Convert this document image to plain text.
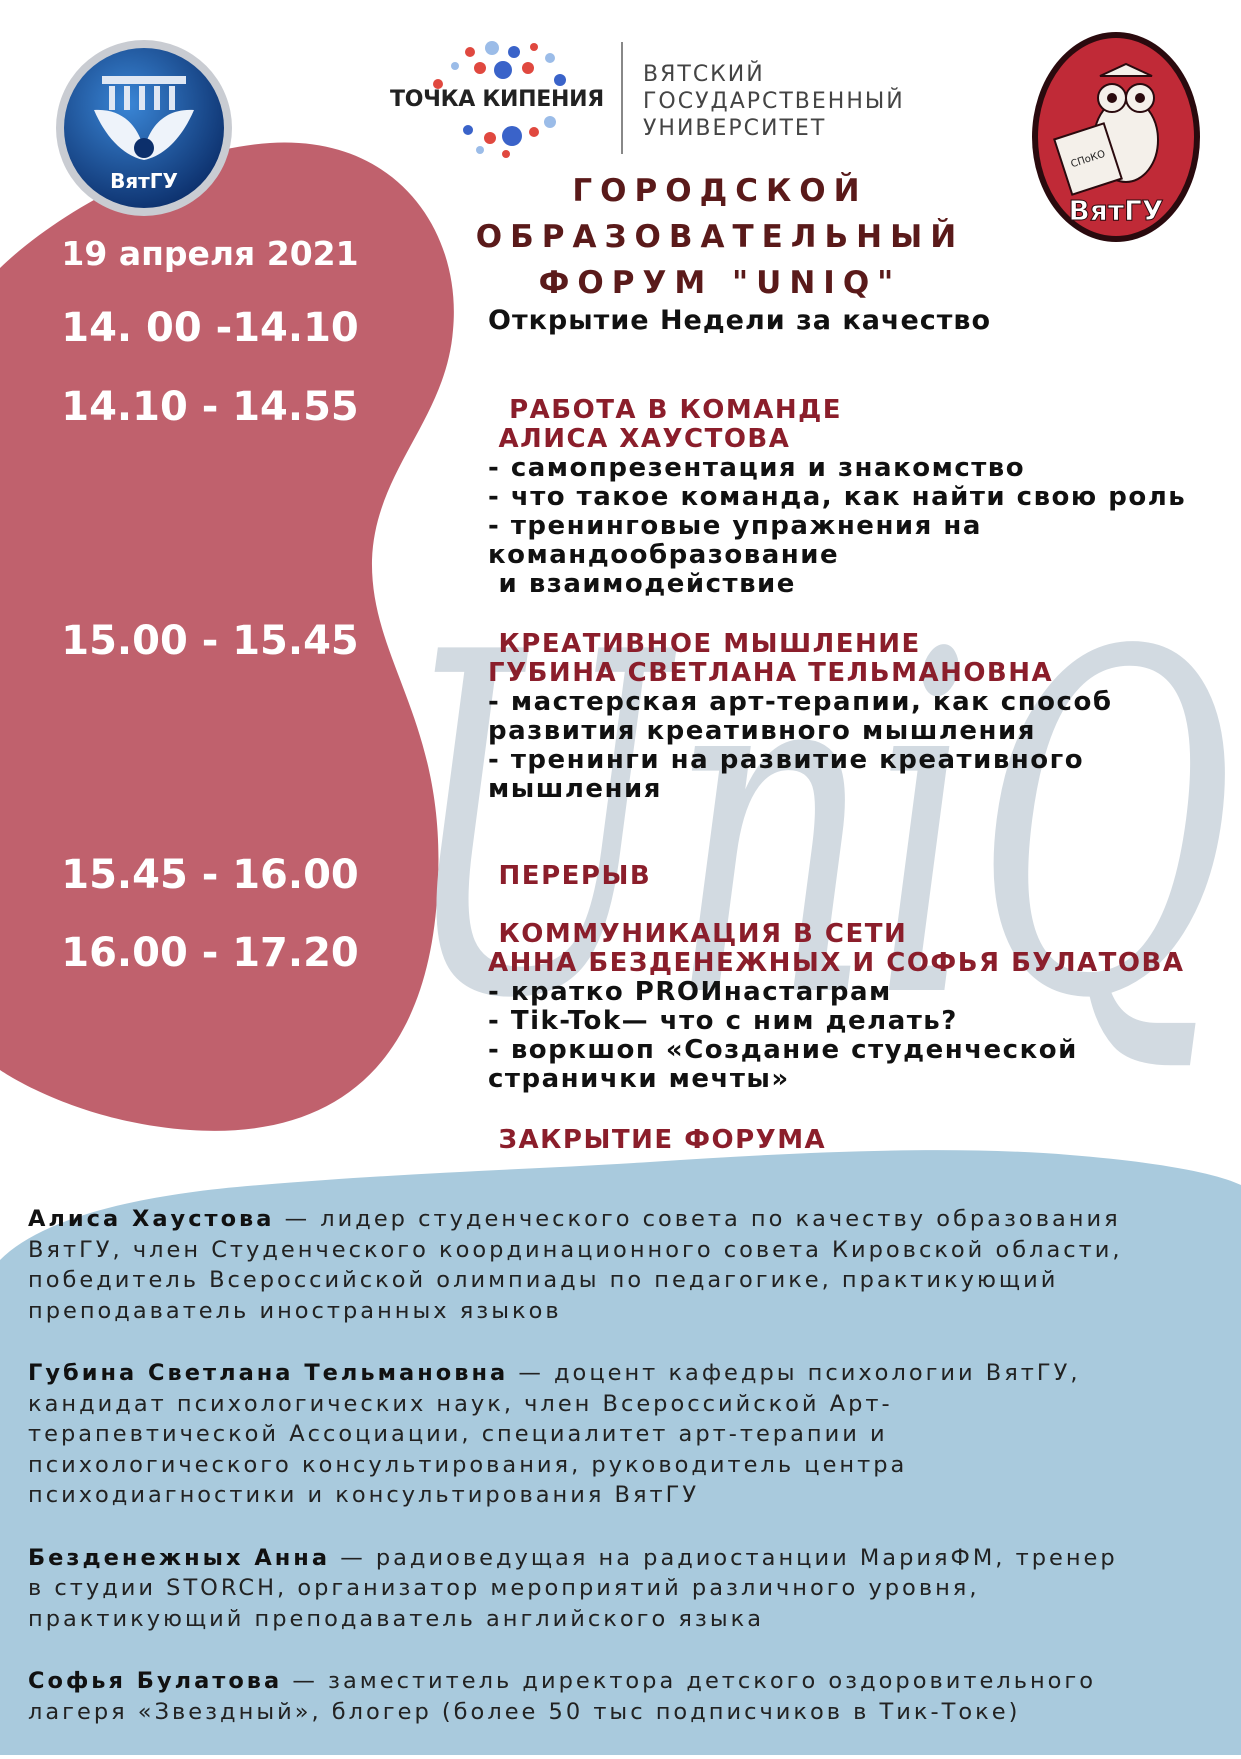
UniQ
ВятГУ
СПоКО
ВятГУ
ТОЧКА КИПЕНИЯ
ВЯТСКИЙ
ГОСУДАРСТВЕННЫЙ
УНИВЕРСИТЕТ
ГОРОДСКОЙ
ОБРАЗОВАТЕЛЬНЫЙ
ФОРУМ "UNIQ"
19 апреля 2021
14. 00 -14.10
14.10 - 14.55
15.00 - 15.45
15.45 - 16.00
16.00 - 17.20
17.20
Открытие Недели за качество
РАБОТА В КОМАНДЕ
АЛИСА ХАУСТОВА
- самопрезентация и знакомство
- что такое команда, как найти свою роль
- тренинговые упражнения на
командообразование
и взаимодействие
КРЕАТИВНОЕ МЫШЛЕНИЕ
ГУБИНА СВЕТЛАНА ТЕЛЬМАНОВНА
- мастерская арт-терапии, как способ
развития креативного мышления
- тренинги на развитие креативного
мышления
ПЕРЕРЫВ
КОММУНИКАЦИЯ В СЕТИ
АННА БЕЗДЕНЕЖНЫХ И СОФЬЯ БУЛАТОВА
- кратко PROИнастаграм
- Tik-Tok— что с ним делать?
- воркшоп «Создание студенческой
странички мечты»
ЗАКРЫТИЕ ФОРУМА
Алиса Хаустова — лидер студенческого совета по качеству образования
ВятГУ, член Студенческого координационного совета Кировской области,
победитель Всероссийской олимпиады по педагогике, практикующий
преподаватель иностранных языков
Губина Светлана Тельмановна — доцент кафедры психологии ВятГУ,
кандидат психологических наук, член Всероссийской Арт-
терапевтической Ассоциации, специалитет арт-терапии и
психологического консультирования, руководитель центра
психодиагностики и консультирования ВятГУ
Безденежных Анна — радиоведущая на радиостанции МарияФМ, тренер
в студии STORCH, организатор мероприятий различного уровня,
практикующий преподаватель английского языка
Софья Булатова — заместитель директора детского оздоровительного
лагеря «Звездный», блогер (более 50 тыс подписчиков в Тик-Токе)
